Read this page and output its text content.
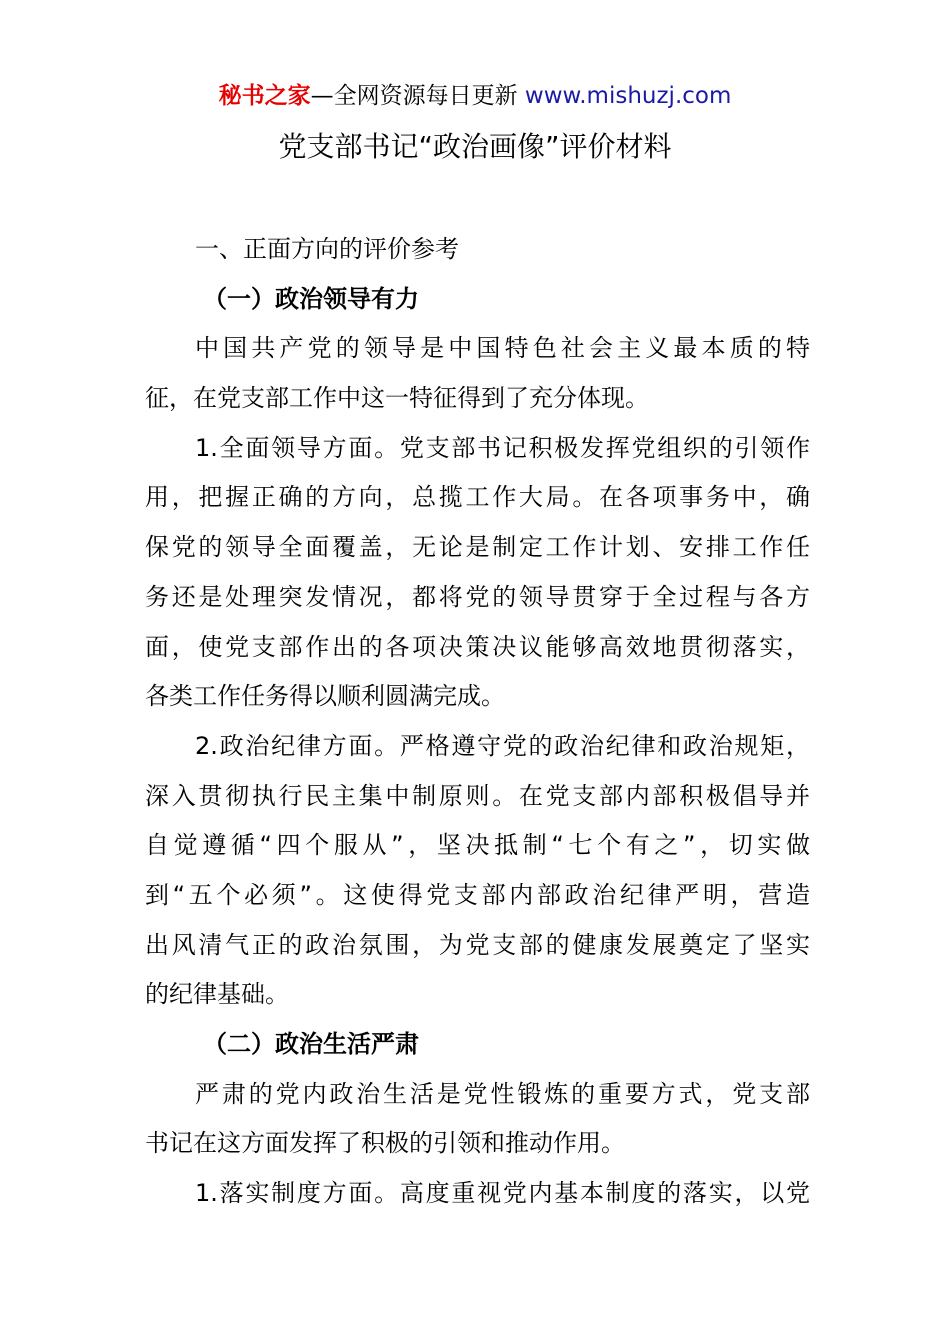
秘书之家—全网资源每日更新 www.mishuzj.com
党支部书记“政治画像”评价材料
一、正面方向的评价参考
（一）政治领导有力
中国共产党的领导是中国特色社会主义最本质的特
征，在党支部工作中这一特征得到了充分体现。
1.全面领导方面。党支部书记积极发挥党组织的引领作
用，把握正确的方向，总揽工作大局。在各项事务中，确
保党的领导全面覆盖，无论是制定工作计划、安排工作任
务还是处理突发情况，都将党的领导贯穿于全过程与各方
面，使党支部作出的各项决策决议能够高效地贯彻落实，
各类工作任务得以顺利圆满完成。
2.政治纪律方面。严格遵守党的政治纪律和政治规矩，
深入贯彻执行民主集中制原则。在党支部内部积极倡导并
自觉遵循“四个服从”，坚决抵制“七个有之”，切实做
到“五个必须”。这使得党支部内部政治纪律严明，营造
出风清气正的政治氛围，为党支部的健康发展奠定了坚实
的纪律基础。
（二）政治生活严肃
严肃的党内政治生活是党性锻炼的重要方式，党支部
书记在这方面发挥了积极的引领和推动作用。
1.落实制度方面。高度重视党内基本制度的落实，以党
